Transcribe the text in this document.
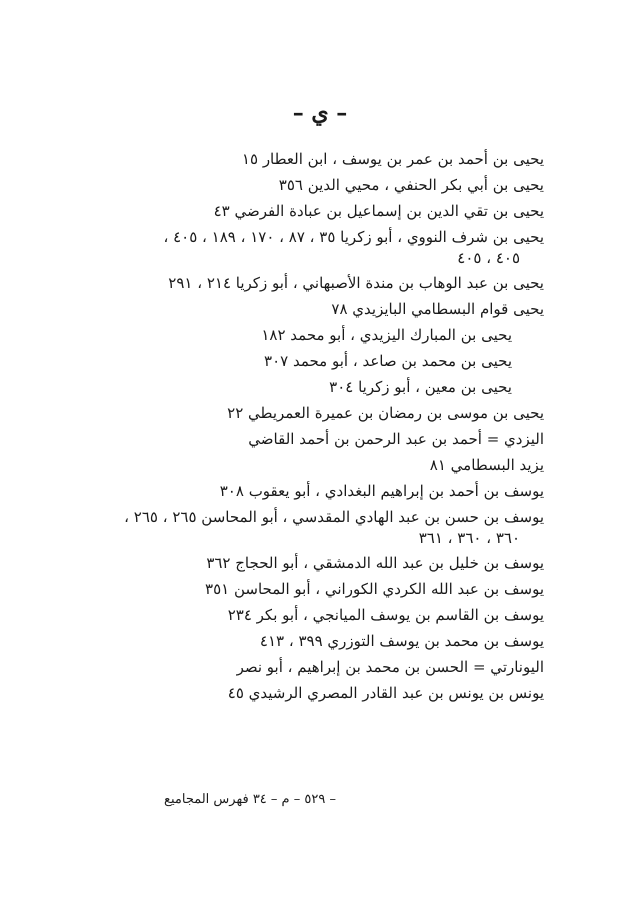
– ي –
يحيى بن أحمد بن عمر بن يوسف ، ابن العطار ١٥
يحيى بن أبي بكر الحنفي ، محيي الدين ٣٥٦
يحيى بن تقي الدين بن إسماعيل بن عبادة الفرضي ٤٣
يحيى بن شرف النووي ، أبو زكريا ٣٥ ، ٨٧ ، ١٧٠ ، ١٨٩ ، ٤٠٥ ،
٤٠٥ ، ٤٠٥
يحيى بن عبد الوهاب بن مندة الأصبهاني ، أبو زكريا ٢١٤ ، ٢٩١
يحيى قوام البسطامي البايزيدي ٧٨
يحيى بن المبارك اليزيدي ، أبو محمد ١٨٢
يحيى بن محمد بن صاعد ، أبو محمد ٣٠٧
يحيى بن معين ، أبو زكريا ٣٠٤
يحيى بن موسى بن رمضان بن عميرة العمريطي ٢٢
اليزدي = أحمد بن عبد الرحمن بن أحمد القاضي
يزيد البسطامي ٨١
يوسف بن أحمد بن إبراهيم البغدادي ، أبو يعقوب ٣٠٨
يوسف بن حسن بن عبد الهادي المقدسي ، أبو المحاسن ٢٦٥ ، ٢٦٥ ،
٣٦٠ ، ٣٦٠ ، ٣٦١
يوسف بن خليل بن عبد الله الدمشقي ، أبو الحجاج ٣٦٢
يوسف بن عبد الله الكردي الكوراني ، أبو المحاسن ٣٥١
يوسف بن القاسم بن يوسف الميانجي ، أبو بكر ٢٣٤
يوسف بن محمد بن يوسف التوزري ٣٩٩ ، ٤١٣
اليونارتي = الحسن بن محمد بن إبراهيم ، أبو نصر
يونس بن يونس بن عبد القادر المصري الرشيدي ٤٥
– ٥٢٩ – م – ٣٤ فهرس المجاميع
